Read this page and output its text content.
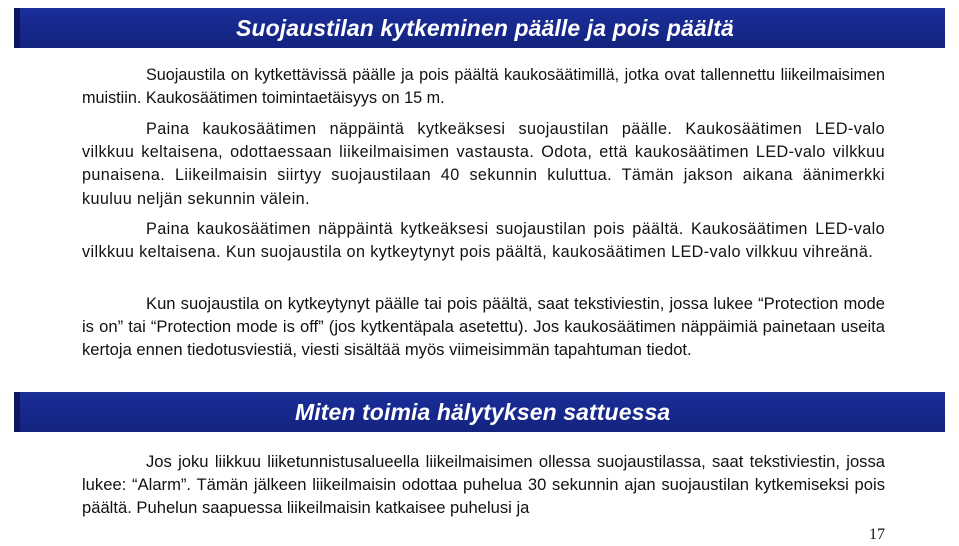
Suojaustilan kytkeminen päälle ja pois päältä

Suojaustila on kytkettävissä päälle ja pois päältä kaukosäätimillä, jotka ovat tallennettu liikeilmaisimen muistiin. Kaukosäätimen toimintaetäisyys on 15 m.

Paina kaukosäätimen näppäintä kytkeäksesi suojaustilan päälle. Kaukosäätimen LED-valo vilkkuu keltaisena, odottaessaan liikeilmaisimen vastausta. Odota, että kaukosäätimen LED-valo vilkkuu punaisena. Liikeilmaisin siirtyy suojaustilaan 40 sekunnin kuluttua. Tämän jakson aikana äänimerkki kuuluu neljän sekunnin välein.

Paina kaukosäätimen näppäintä kytkeäksesi suojaustilan pois päältä. Kaukosäätimen LED-valo vilkkuu keltaisena. Kun suojaustila on kytkeytynyt pois päältä, kaukosäätimen LED-valo vilkkuu vihreänä.

Kun suojaustila on kytkeytynyt päälle tai pois päältä, saat tekstiviestin, jossa lukee “Protection mode is on” tai “Protection mode is off” (jos kytkentäpala asetettu). Jos kaukosäätimen näppäimiä painetaan useita kertoja ennen tiedotusviestiä, viesti sisältää myös viimeisimmän tapahtuman tiedot.

Miten toimia hälytyksen sattuessa

Jos joku liikkuu liiketunnistusalueella liikeilmaisimen ollessa suojaustilassa, saat tekstiviestin, jossa lukee: “Alarm”. Tämän jälkeen liikeilmaisin odottaa puhelua 30 sekunnin ajan suojaustilan kytkemiseksi pois päältä. Puhelun saapuessa liikeilmaisin katkaisee puhelusi ja

17
